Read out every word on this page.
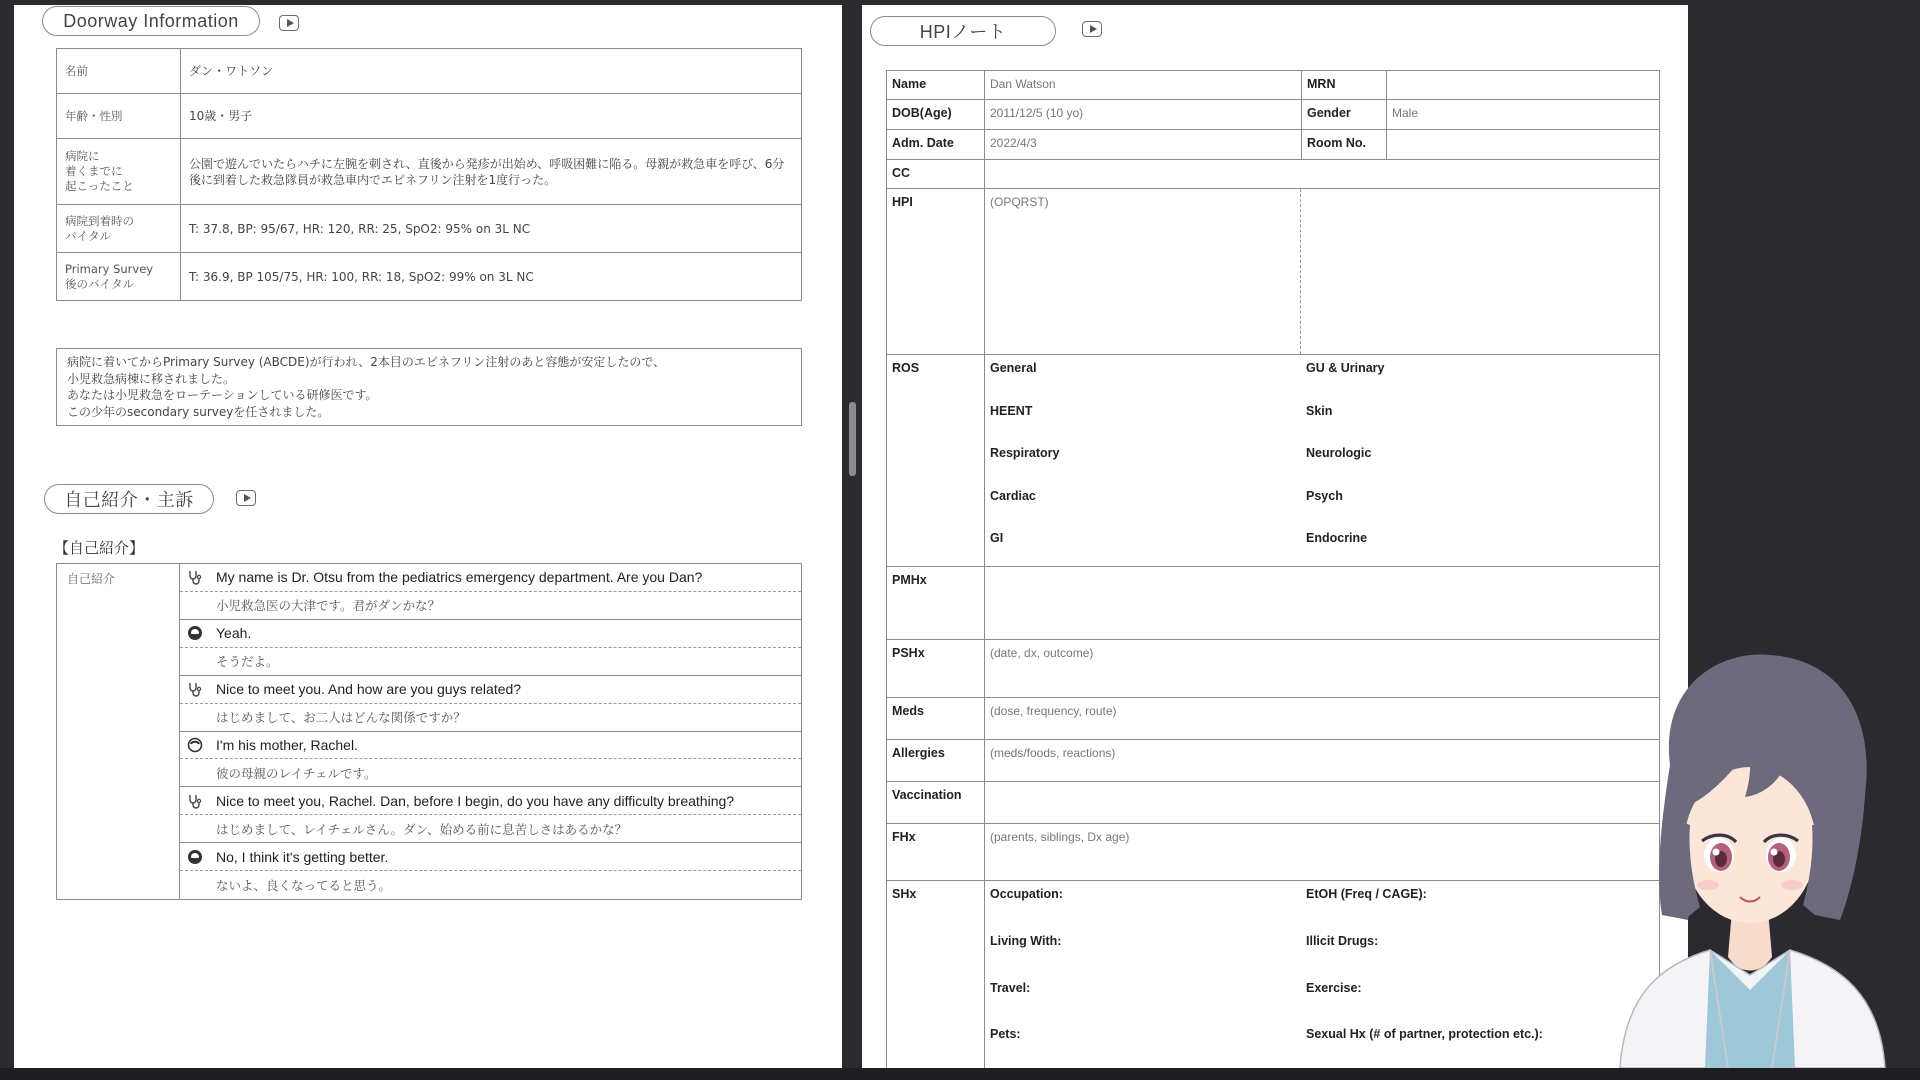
Doorway Information
名前	ダン・ワトソン
年齢・性別	10歳・男子
病院に
着くまでに
起こったこと	公園で遊んでいたらハチに左腕を刺され、直後から発疹が出始め、呼吸困難に陥る。母親が救急車を呼び、6分後に到着した救急隊員が救急車内でエピネフリン注射を1度行った。
病院到着時の
バイタル	T: 37.8, BP: 95/67, HR: 120, RR: 25, SpO2: 95% on 3L NC
Primary Survey
後のバイタル	T: 36.9, BP 105/75, HR: 100, RR: 18, SpO2: 99% on 3L NC
病院に着いてからPrimary Survey (ABCDE)が行われ、2本目のエピネフリン注射のあと容態が安定したので、
小児救急病棟に移されました。
あなたは小児救急をローテーションしている研修医です。
この少年のsecondary surveyを任されました。
自己紹介・主訴
【自己紹介】
自己紹介	My name is Dr. Otsu from the pediatrics emergency department. Are you Dan?
小児救急医の大津です。君がダンかな？
Yeah.
そうだよ。
Nice to meet you. And how are you guys related?
はじめまして、お二人はどんな関係ですか？
I'm his mother, Rachel.
彼の母親のレイチェルです。
Nice to meet you, Rachel. Dan, before I begin, do you have any difficulty breathing?
はじめまして、レイチェルさん。ダン、始める前に息苦しさはあるかな？
No, I think it's getting better.
ないよ、良くなってると思う。
HPIノート
Name	Dan Watson	MRN
DOB(Age)	2011/12/5 (10 yo)	Gender	Male
Adm. Date	2022/4/3	Room No.
CC
HPI	(OPQRST)
ROS	General	GU & Urinary
HEENT	Skin
Respiratory	Neurologic
Cardiac	Psych
GI	Endocrine
PMHx
PSHx	(date, dx, outcome)
Meds	(dose, frequency, route)
Allergies	(meds/foods, reactions)
Vaccination
FHx	(parents, siblings, Dx age)
SHx	Occupation:	EtOH (Freq / CAGE):
Living With:	Illicit Drugs:
Travel:	Exercise:
Pets:	Sexual Hx (# of partner, protection etc.):
